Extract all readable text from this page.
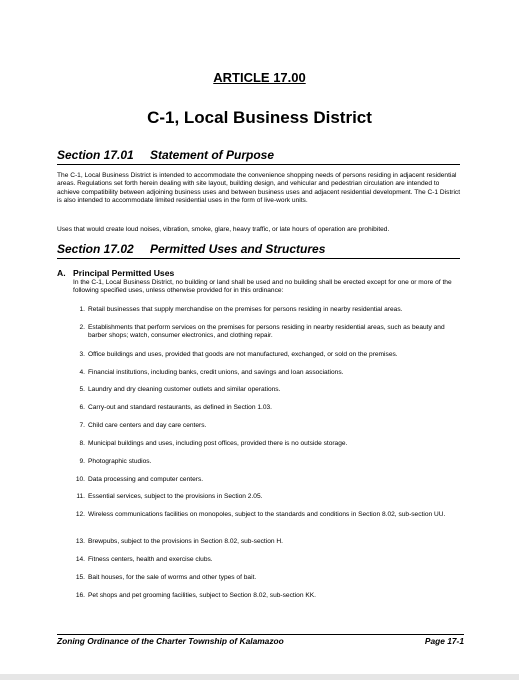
ARTICLE 17.00
C-1, Local Business District
Section 17.01 Statement of Purpose
The C-1, Local Business District is intended to accommodate the convenience shopping needs of persons residing in adjacent residential areas. Regulations set forth herein dealing with site layout, building design, and vehicular and pedestrian circulation are intended to achieve compatibility between adjoining business uses and between business uses and adjacent residential development. The C-1 District is also intended to accommodate limited residential uses in the form of live-work units.
Uses that would create loud noises, vibration, smoke, glare, heavy traffic, or late hours of operation are prohibited.
Section 17.02 Permitted Uses and Structures
A. Principal Permitted Uses
In the C-1, Local Business District, no building or land shall be used and no building shall be erected except for one or more of the following specified uses, unless otherwise provided for in this ordinance:
1. Retail businesses that supply merchandise on the premises for persons residing in nearby residential areas.
2. Establishments that perform services on the premises for persons residing in nearby residential areas, such as beauty and barber shops; watch, consumer electronics, and clothing repair.
3. Office buildings and uses, provided that goods are not manufactured, exchanged, or sold on the premises.
4. Financial institutions, including banks, credit unions, and savings and loan associations.
5. Laundry and dry cleaning customer outlets and similar operations.
6. Carry-out and standard restaurants, as defined in Section 1.03.
7. Child care centers and day care centers.
8. Municipal buildings and uses, including post offices, provided there is no outside storage.
9. Photographic studios.
10. Data processing and computer centers.
11. Essential services, subject to the provisions in Section 2.05.
12. Wireless communications facilities on monopoles, subject to the standards and conditions in Section 8.02, sub-section UU.
13. Brewpubs, subject to the provisions in Section 8.02, sub-section H.
14. Fitness centers, health and exercise clubs.
15. Bait houses, for the sale of worms and other types of bait.
16. Pet shops and pet grooming facilities, subject to Section 8.02, sub-section KK.
Zoning Ordinance of the Charter Township of Kalamazoo	Page 17-1
